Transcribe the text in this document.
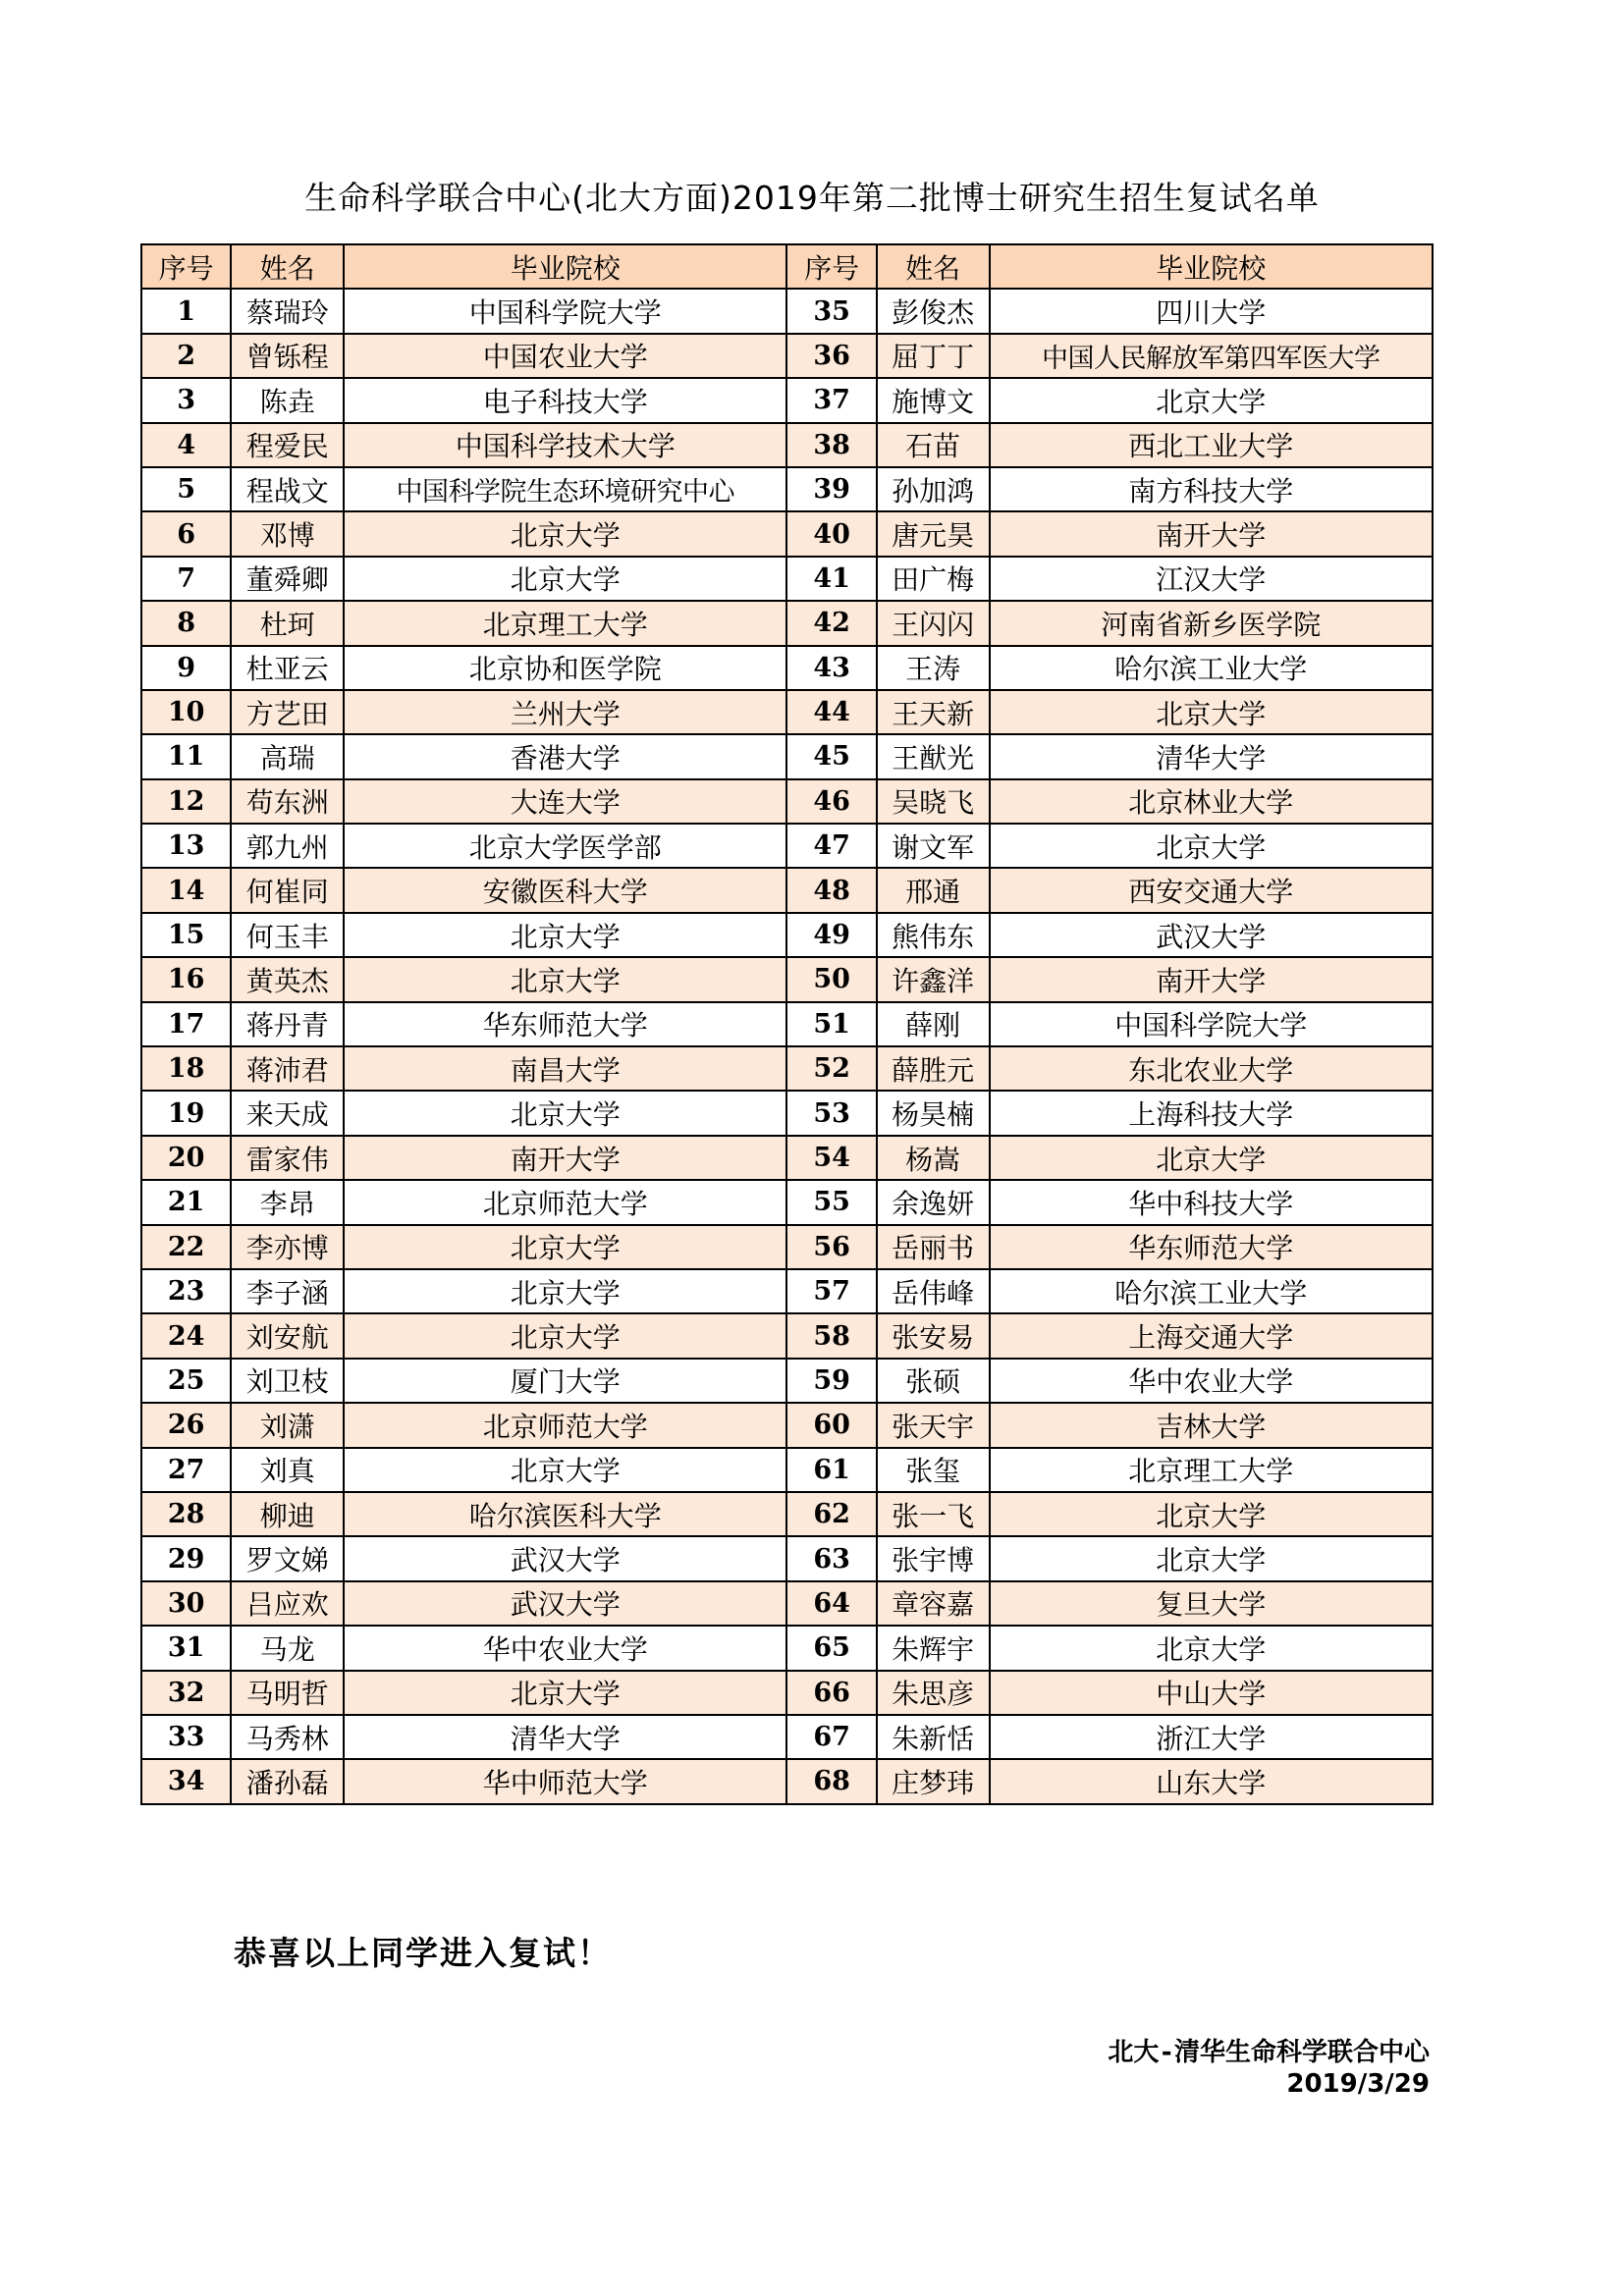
生命科学联合中心(北大方面)2019年第二批博士研究生招生复试名单
序号	姓名	毕业院校	序号	姓名	毕业院校
1	蔡瑞玲	中国科学院大学	35	彭俊杰	四川大学
2	曾铄程	中国农业大学	36	屈丁丁	中国人民解放军第四军医大学
3	陈垚	电子科技大学	37	施博文	北京大学
4	程爱民	中国科学技术大学	38	石苗	西北工业大学
5	程战文	中国科学院生态环境研究中心	39	孙加鸿	南方科技大学
6	邓博	北京大学	40	唐元昊	南开大学
7	董舜卿	北京大学	41	田广梅	江汉大学
8	杜珂	北京理工大学	42	王闪闪	河南省新乡医学院
9	杜亚云	北京协和医学院	43	王涛	哈尔滨工业大学
10	方艺田	兰州大学	44	王天新	北京大学
11	高瑞	香港大学	45	王猷光	清华大学
12	苟东洲	大连大学	46	吴晓飞	北京林业大学
13	郭九州	北京大学医学部	47	谢文军	北京大学
14	何崔同	安徽医科大学	48	邢通	西安交通大学
15	何玉丰	北京大学	49	熊伟东	武汉大学
16	黄英杰	北京大学	50	许鑫洋	南开大学
17	蒋丹青	华东师范大学	51	薛刚	中国科学院大学
18	蒋沛君	南昌大学	52	薛胜元	东北农业大学
19	来天成	北京大学	53	杨昊楠	上海科技大学
20	雷家伟	南开大学	54	杨嵩	北京大学
21	李昂	北京师范大学	55	余逸妍	华中科技大学
22	李亦博	北京大学	56	岳丽书	华东师范大学
23	李子涵	北京大学	57	岳伟峰	哈尔滨工业大学
24	刘安航	北京大学	58	张安易	上海交通大学
25	刘卫枝	厦门大学	59	张硕	华中农业大学
26	刘潇	北京师范大学	60	张天宇	吉林大学
27	刘真	北京大学	61	张玺	北京理工大学
28	柳迪	哈尔滨医科大学	62	张一飞	北京大学
29	罗文娣	武汉大学	63	张宇博	北京大学
30	吕应欢	武汉大学	64	章容嘉	复旦大学
31	马龙	华中农业大学	65	朱辉宇	北京大学
32	马明哲	北京大学	66	朱思彦	中山大学
33	马秀林	清华大学	67	朱新恬	浙江大学
34	潘孙磊	华中师范大学	68	庄梦玮	山东大学
恭喜以上同学进入复试！
北大-清华生命科学联合中心
2019/3/29
